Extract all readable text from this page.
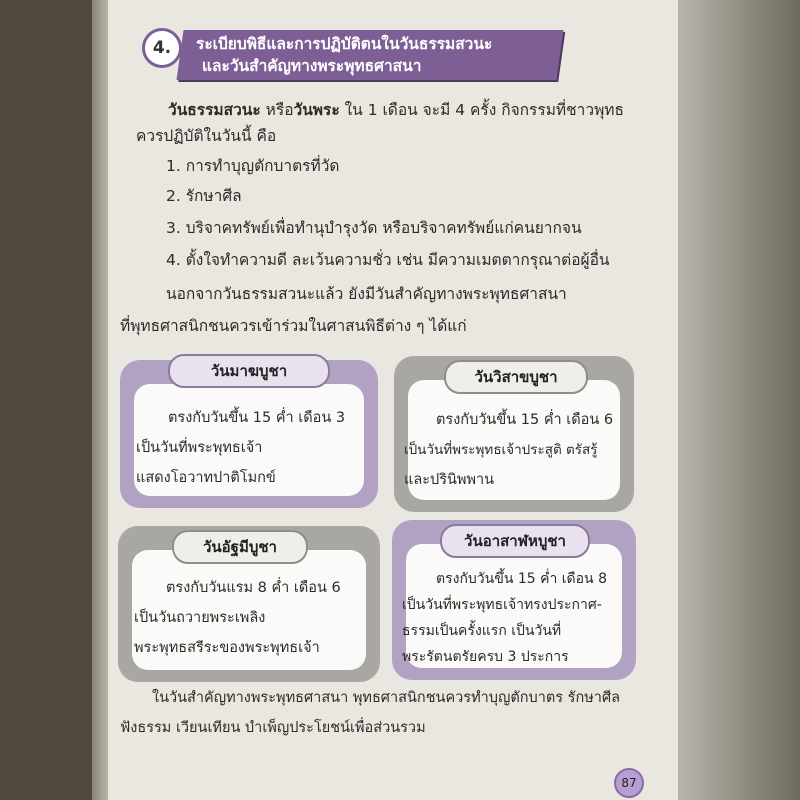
4.	ระเบียบพิธีและการปฏิบัติตนในวันธรรมสวนะ
และวันสำคัญทางพระพุทธศาสนา
วันธรรมสวนะ หรือวันพระ ใน 1 เดือน จะมี 4 ครั้ง กิจกรรมที่ชาวพุทธ
ควรปฏิบัติในวันนี้ คือ
1. การทำบุญตักบาตรที่วัด
2. รักษาศีล
3. บริจาคทรัพย์เพื่อทำนุบำรุงวัด หรือบริจาคทรัพย์แก่คนยากจน
4. ตั้งใจทำความดี ละเว้นความชั่ว เช่น มีความเมตตากรุณาต่อผู้อื่น
นอกจากวันธรรมสวนะแล้ว ยังมีวันสำคัญทางพระพุทธศาสนา
ที่พุทธศาสนิกชนควรเข้าร่วมในศาสนพิธีต่าง ๆ ได้แก่
วันมาฆบูชา
ตรงกับวันขึ้น 15 ค่ำ เดือน 3
เป็นวันที่พระพุทธเจ้า
แสดงโอวาทปาติโมกข์
วันวิสาขบูชา
ตรงกับวันขึ้น 15 ค่ำ เดือน 6
เป็นวันที่พระพุทธเจ้าประสูติ ตรัสรู้
และปรินิพพาน
วันอัฐมีบูชา
ตรงกับวันแรม 8 ค่ำ เดือน 6
เป็นวันถวายพระเพลิง
พระพุทธสรีระของพระพุทธเจ้า
วันอาสาฬหบูชา
ตรงกับวันขึ้น 15 ค่ำ เดือน 8
เป็นวันที่พระพุทธเจ้าทรงประกาศ-
ธรรมเป็นครั้งแรก เป็นวันที่
พระรัตนตรัยครบ 3 ประการ
ในวันสำคัญทางพระพุทธศาสนา พุทธศาสนิกชนควรทำบุญตักบาตร รักษาศีล
ฟังธรรม เวียนเทียน บำเพ็ญประโยชน์เพื่อส่วนรวม
87
